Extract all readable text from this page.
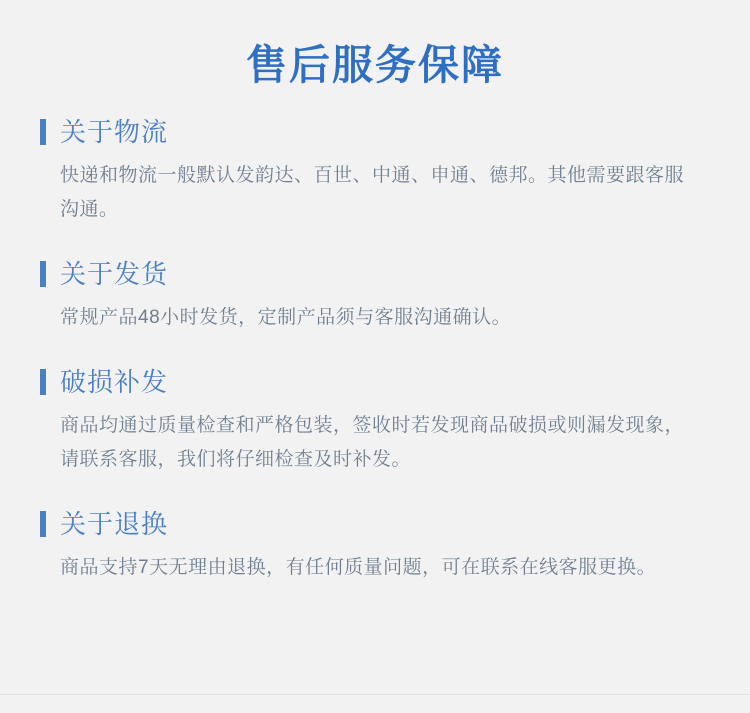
售后服务保障
关于物流
快递和物流一般默认发韵达、百世、中通、申通、德邦。其他需要跟客服沟通。
关于发货
常规产品48小时发货，定制产品须与客服沟通确认。
破损补发
商品均通过质量检查和严格包装，签收时若发现商品破损或则漏发现象，请联系客服，我们将仔细检查及时补发。
关于退换
商品支持7天无理由退换，有任何质量问题，可在联系在线客服更换。
